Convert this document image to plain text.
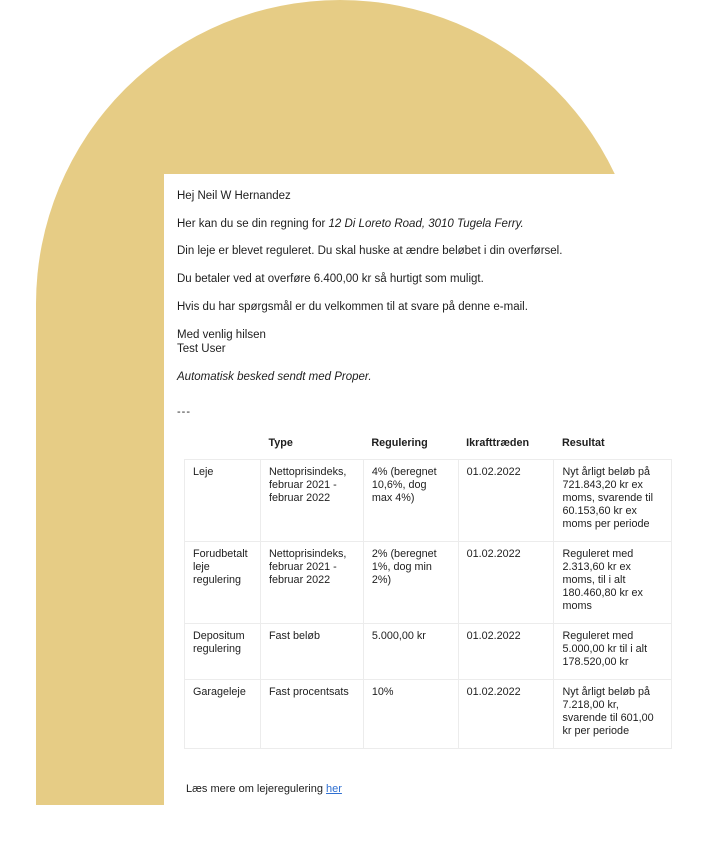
Hej Neil W Hernandez
Her kan du se din regning for 12 Di Loreto Road, 3010 Tugela Ferry.
Din leje er blevet reguleret. Du skal huske at ændre beløbet i din overførsel.
Du betaler ved at overføre 6.400,00 kr så hurtigt som muligt.
Hvis du har spørgsmål er du velkommen til at svare på denne e-mail.
Med venlig hilsen
Test User
Automatisk besked sendt med Proper.
---
	Type	Regulering	Ikrafttræden	Resultat
Leje	Nettoprisindeks, februar 2021 - februar 2022	4% (beregnet 10,6%, dog max 4%)	01.02.2022	Nyt årligt beløb på 721.843,20 kr ex moms, svarende til 60.153,60 kr ex moms per periode
Forudbetalt leje regulering	Nettoprisindeks, februar 2021 - februar 2022	2% (beregnet 1%, dog min 2%)	01.02.2022	Reguleret med 2.313,60 kr ex moms, til i alt 180.460,80 kr ex moms
Depositum regulering	Fast beløb	5.000,00 kr	01.02.2022	Reguleret med 5.000,00 kr til i alt 178.520,00 kr
Garageleje	Fast procentsats	10%	01.02.2022	Nyt årligt beløb på 7.218,00 kr, svarende til 601,00 kr per periode
Læs mere om lejeregulering her
